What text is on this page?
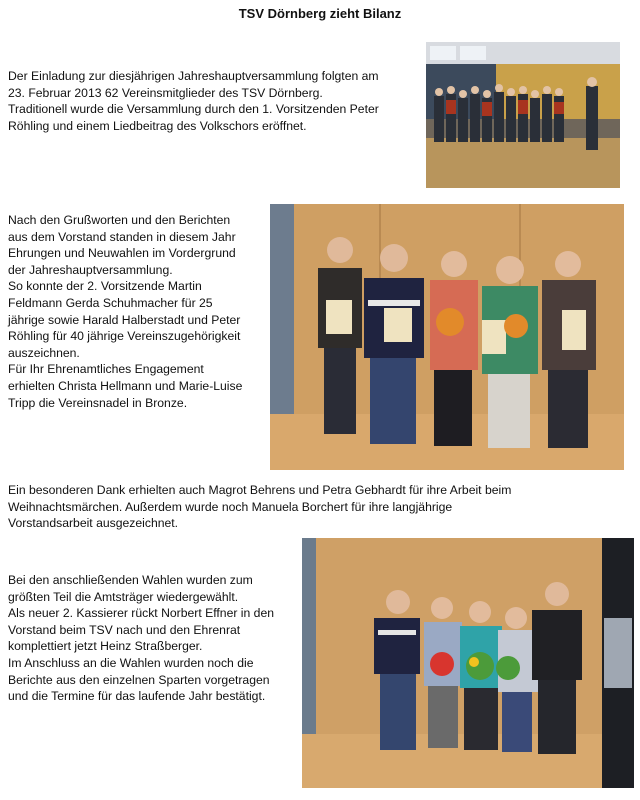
TSV Dörnberg zieht Bilanz

Der Einladung zur diesjährigen Jahreshauptversammlung folgten am
23. Februar 2013 62 Vereinsmitglieder des TSV Dörnberg.
Traditionell wurde die Versammlung durch den 1. Vorsitzenden Peter
Röhling und einem Liedbeitrag des Volkschors eröffnet.

Nach den Grußworten und den Berichten
aus dem Vorstand standen in diesem Jahr
Ehrungen und Neuwahlen im Vordergrund
der Jahreshauptversammlung.
So konnte der 2. Vorsitzende Martin
Feldmann Gerda Schuhmacher für 25
jährige sowie Harald Halberstadt und Peter
Röhling für 40 jährige Vereinszugehörigkeit
auszeichnen.
Für Ihr Ehrenamtliches Engagement
erhielten Christa Hellmann und Marie-Luise
Tripp die Vereinsnadel in Bronze.

Ein besonderen Dank erhielten auch Magrot Behrens und Petra Gebhardt für ihre Arbeit beim
Weihnachtsmärchen. Außerdem wurde noch Manuela Borchert für ihre langjährige
Vorstandsarbeit ausgezeichnet.

Bei den anschließenden Wahlen wurden zum
größten Teil die Amtsträger wiedergewählt.
Als neuer 2. Kassierer rückt Norbert Effner in den
Vorstand beim TSV nach und den Ehrenrat
komplettiert jetzt Heinz Straßberger.
Im Anschluss an die Wahlen wurden noch die
Berichte aus den einzelnen Sparten vorgetragen
und die Termine für das laufende Jahr bestätigt.
